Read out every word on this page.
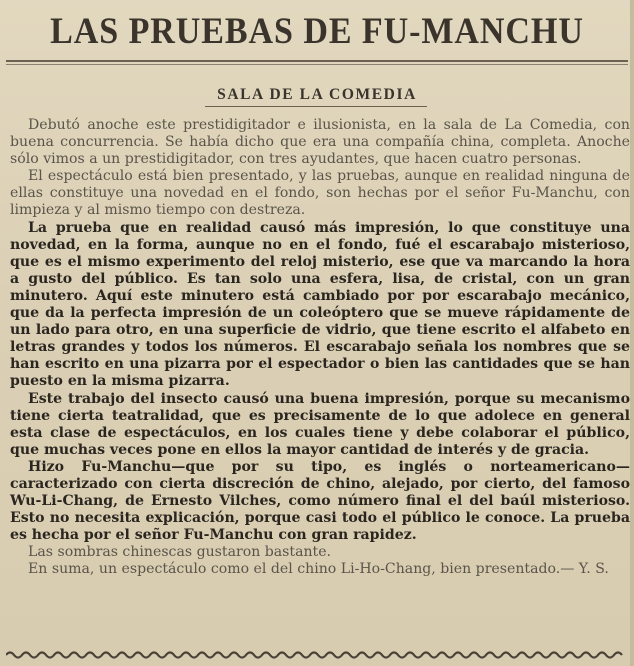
LAS PRUEBAS DE FU-MANCHU
SALA DE LA COMEDIA

Debutó anoche este prestidigitador e ilusionista, en la sala de La Comedia, con buena concurrencia. Se había dicho que era una compañía china, completa. Anoche sólo vimos a un prestidigitador, con tres ayudantes, que hacen cuatro personas.

El espectáculo está bien presentado, y las pruebas, aunque en realidad ninguna de ellas constituye una novedad en el fondo, son hechas por el señor Fu-Manchu, con limpieza y al mismo tiempo con destreza.

La prueba que en realidad causó más impresión, lo que constituye una novedad, en la forma, aunque no en el fondo, fué el escarabajo misterioso, que es el mismo experimento del reloj misterio, ese que va marcando la hora a gusto del público. Es tan solo una esfera, lisa, de cristal, con un gran minutero. Aquí este minutero está cambiado por por escarabajo mecánico, que da la perfecta impresión de un coleóptero que se mueve rápidamente de un lado para otro, en una superficie de vidrio, que tiene escrito el alfabeto en letras grandes y todos los números. El escarabajo señala los nombres que se han escrito en una pizarra por el espectador o bien las cantidades que se han puesto en la misma pizarra.

Este trabajo del insecto causó una buena impresión, porque su mecanismo tiene cierta teatralidad, que es precisamente de lo que adolece en general esta clase de espectáculos, en los cuales tiene y debe colaborar el público, que muchas veces pone en ellos la mayor cantidad de interés y de gracia.

Hizo Fu-Manchu—que por su tipo, es inglés o norteamericano—caracterizado con cierta discreción de chino, alejado, por cierto, del famoso Wu-Li-Chang, de Ernesto Vilches, como número final el del baúl misterioso. Esto no necesita explicación, porque casi todo el público le conoce. La prueba es hecha por el señor Fu-Manchu con gran rapidez.

Las sombras chinescas gustaron bastante.

En suma, un espectáculo como el del chino Li-Ho-Chang, bien presentado.— Y. S.
